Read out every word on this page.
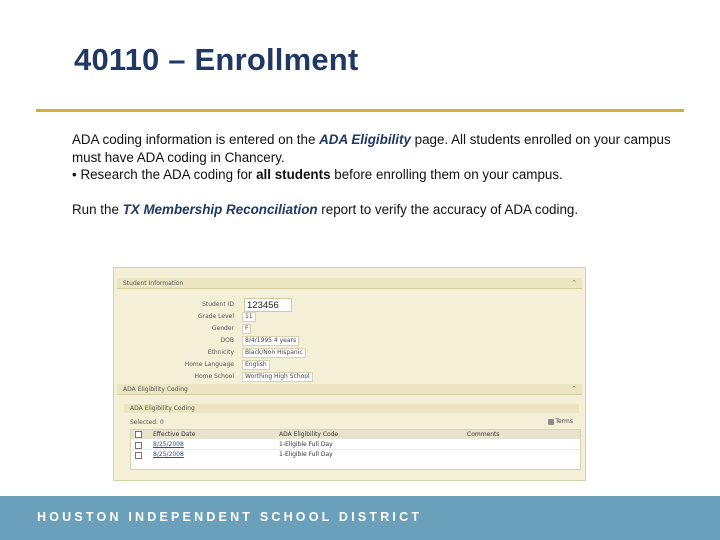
40110 – Enrollment

ADA coding information is entered on the ADA Eligibility page. All students enrolled on your campus must have ADA coding in Chancery.

• Research the ADA coding for all students before enrolling them on your campus.

Run the TX Membership Reconciliation report to verify the accuracy of ADA coding.

Student Information	⌃
Student ID	123456
Grade Level	11
Gender	F
DOB	8/4/1995 4 years
Ethnicity	Black/Non Hispanic
Home Language	English
Home School	Worthing High School
ADA Eligibility Coding	⌃
ADA Eligibility Coding
Selected: 0	Terms
Effective Date	ADA Eligibility Code	Comments
8/25/2008	1-Eligible Full Day
8/25/2008	1-Eligible Full Day
HOUSTON INDEPENDENT SCHOOL DISTRICT
